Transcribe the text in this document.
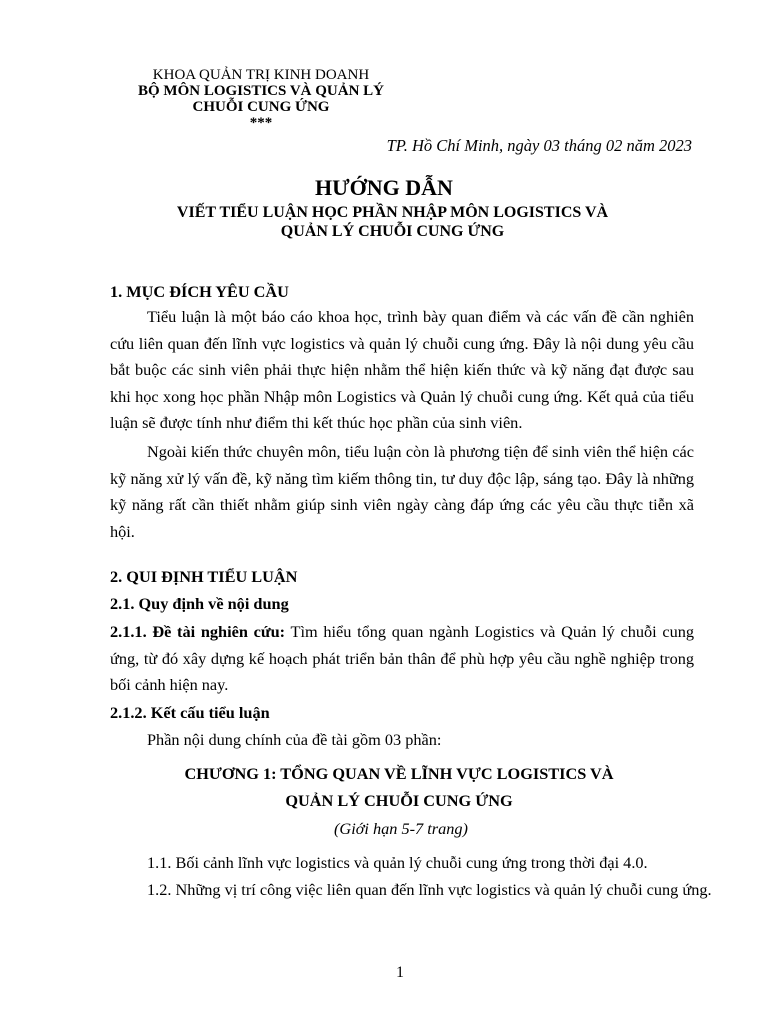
KHOA QUẢN TRỊ KINH DOANH
BỘ MÔN LOGISTICS VÀ QUẢN LÝ
CHUỖI CUNG ỨNG
***
TP. Hồ Chí Minh, ngày 03 tháng 02 năm 2023
HƯỚNG DẪN
VIẾT TIỂU LUẬN HỌC PHẦN NHẬP MÔN LOGISTICS VÀ
QUẢN LÝ CHUỖI CUNG ỨNG
1. MỤC ĐÍCH YÊU CẦU
Tiểu luận là một báo cáo khoa học, trình bày quan điểm và các vấn đề cần nghiên cứu liên quan đến lĩnh vực logistics và quản lý chuỗi cung ứng. Đây là nội dung yêu cầu bắt buộc các sinh viên phải thực hiện nhằm thể hiện kiến thức và kỹ năng đạt được sau khi học xong học phần Nhập môn Logistics và Quản lý chuỗi cung ứng. Kết quả của tiểu luận sẽ được tính như điểm thi kết thúc học phần của sinh viên.
Ngoài kiến thức chuyên môn, tiểu luận còn là phương tiện để sinh viên thể hiện các kỹ năng xử lý vấn đề, kỹ năng tìm kiếm thông tin, tư duy độc lập, sáng tạo. Đây là những kỹ năng rất cần thiết nhằm giúp sinh viên ngày càng đáp ứng các yêu cầu thực tiễn xã hội.
2. QUI ĐỊNH TIỂU LUẬN
2.1. Quy định về nội dung
2.1.1. Đề tài nghiên cứu: Tìm hiểu tổng quan ngành Logistics và Quản lý chuỗi cung ứng, từ đó xây dựng kế hoạch phát triển bản thân để phù hợp yêu cầu nghề nghiệp trong bối cảnh hiện nay.
2.1.2. Kết cấu tiểu luận
Phần nội dung chính của đề tài gồm 03 phần:
CHƯƠNG 1: TỔNG QUAN VỀ LĨNH VỰC LOGISTICS VÀ
QUẢN LÝ CHUỖI CUNG ỨNG
(Giới hạn 5-7 trang)
1.1. Bối cảnh lĩnh vực logistics và quản lý chuỗi cung ứng trong thời đại 4.0.
1.2. Những vị trí công việc liên quan đến lĩnh vực logistics và quản lý chuỗi cung ứng.
1
